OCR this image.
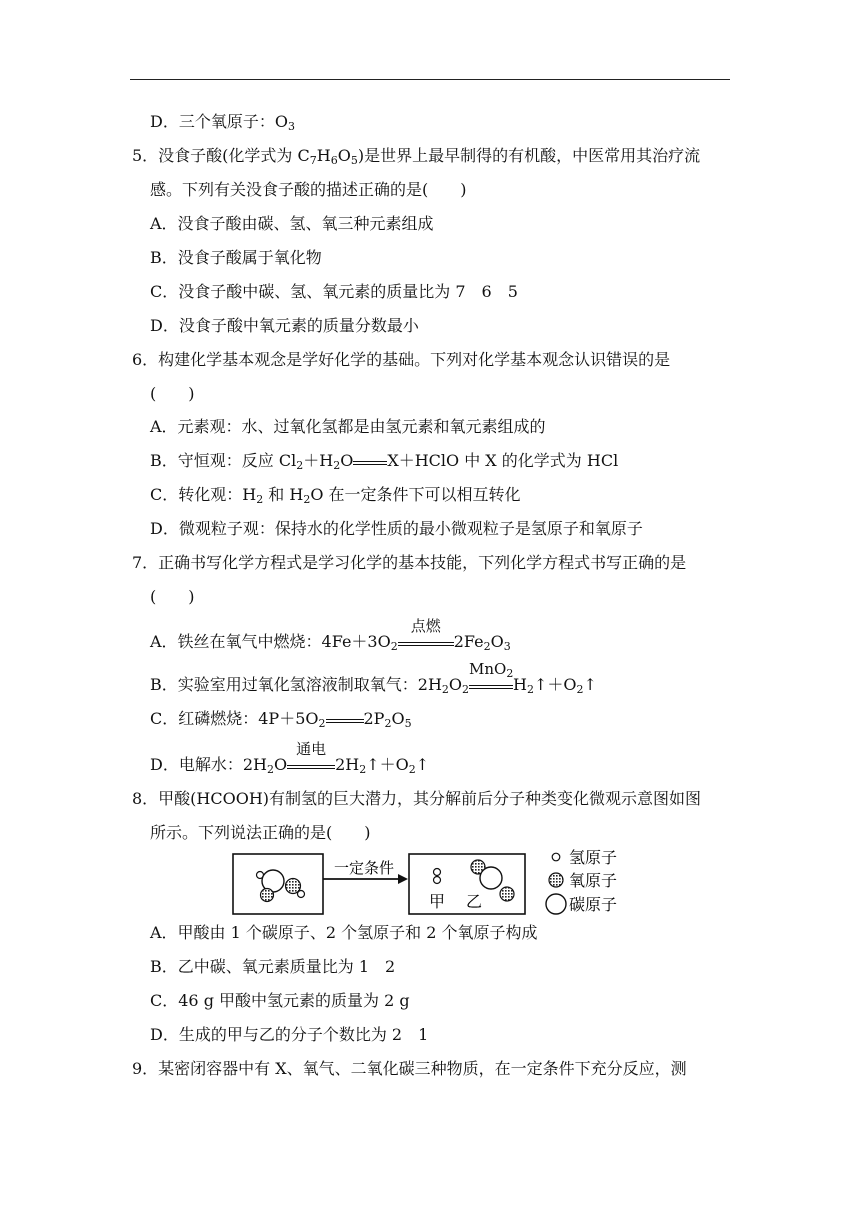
D．三个氧原子：$O_3$
5．没食子酸(化学式为 $C_7H_6O_5$)是世界上最早制得的有机酸，中医常用其治疗流
感。下列有关没食子酸的描述正确的是(　　)
A．没食子酸由碳、氢、氧三种元素组成
B．没食子酸属于氧化物
C．没食子酸中碳、氢、氧元素的质量比为 7　6　5
D．没食子酸中氧元素的质量分数最小
6．构建化学基本观念是学好化学的基础。下列对化学基本观念认识错误的是
(　　)
A．元素观：水、过氧化氢都是由氢元素和氧元素组成的
B．守恒观：反应 $Cl_2+H_2O$ X＋HClO 中 X 的化学式为 HCl
C．转化观：$H_2$ 和 $H_2O$ 在一定条件下可以相互转化
D．微观粒子观：保持水的化学性质的最小微观粒子是氢原子和氧原子
7．正确书写化学方程式是学习化学的基本技能，下列化学方程式书写正确的是
(　　)
A．铁丝在氧气中燃烧：$4Fe+3O_2$
点燃
$2Fe_2O_3$
B．实验室用过氧化氢溶液制取氧气：$2H_2O_2$
MnO$_2$
$H_2↑+O_2↑$
C．红磷燃烧：$4P+5O_2$ $2P_2O_5$
D．电解水：$2H_2O$
通电
$2H_2↑+O_2↑$
8．甲酸(HCOOH)有制氢的巨大潜力，其分解前后分子种类变化微观示意图如图
所示。下列说法正确的是(　　)
一定条件
甲 乙
氢原子
氧原子
碳原子
A．甲酸由 1 个碳原子、2 个氢原子和 2 个氧原子构成
B．乙中碳、氧元素质量比为 1　2
C．46 g 甲酸中氢元素的质量为 2 g
D．生成的甲与乙的分子个数比为 2　1
9．某密闭容器中有 X、氧气、二氧化碳三种物质，在一定条件下充分反应，测
